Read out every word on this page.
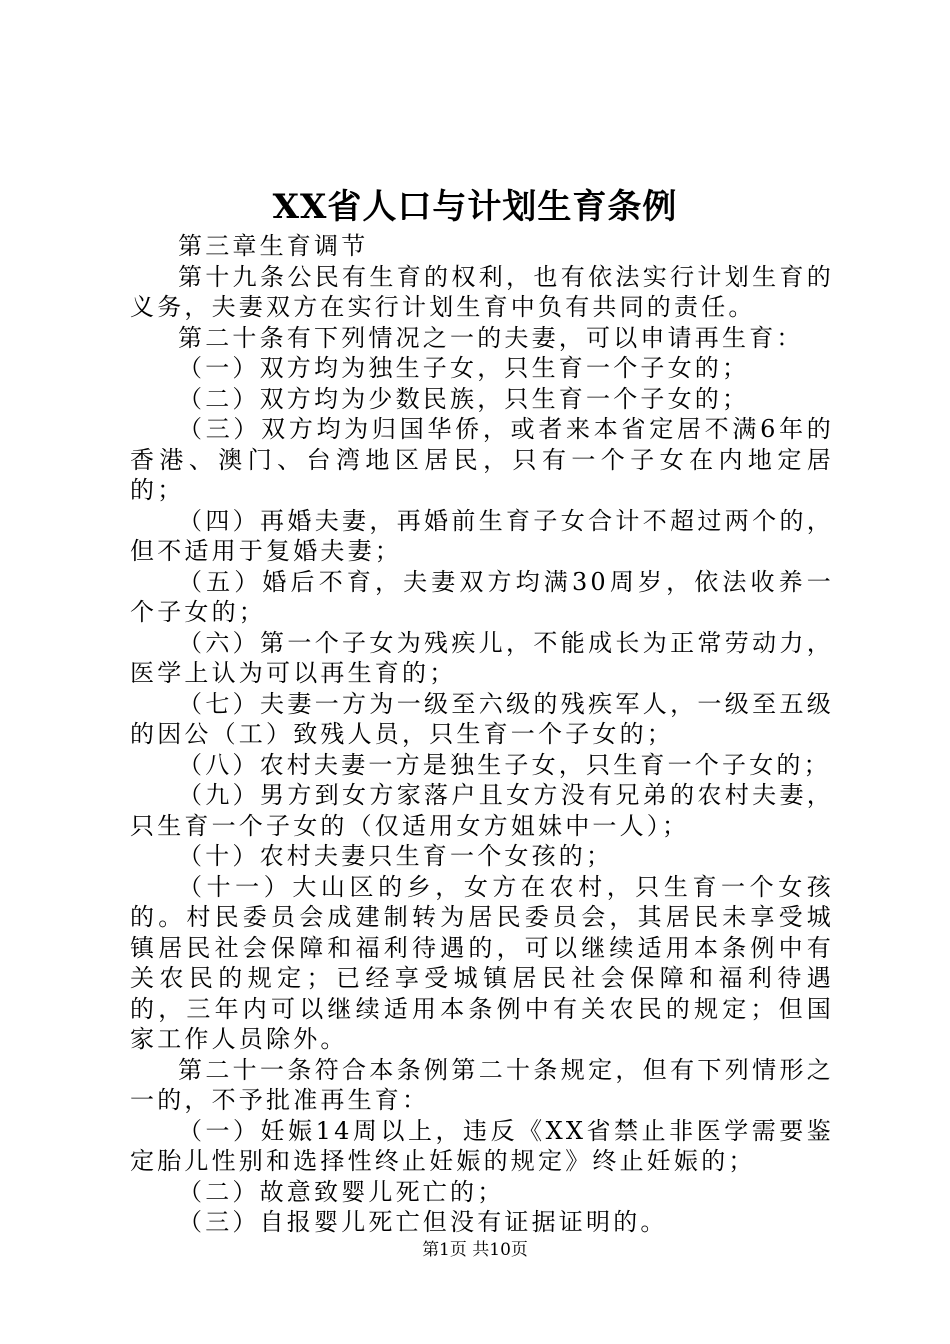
XX省人口与计划生育条例

第三章生育调节

第十九条公民有生育的权利，也有依法实行计划生育的义务，夫妻双方在实行计划生育中负有共同的责任。

第二十条有下列情况之一的夫妻，可以申请再生育：

（一）双方均为独生子女，只生育一个子女的；

（二）双方均为少数民族，只生育一个子女的；

（三）双方均为归国华侨，或者来本省定居不满6年的香港、澳门、台湾地区居民，只有一个子女在内地定居的；

（四）再婚夫妻，再婚前生育子女合计不超过两个的，但不适用于复婚夫妻；

（五）婚后不育，夫妻双方均满30周岁，依法收养一个子女的；

（六）第一个子女为残疾儿，不能成长为正常劳动力，医学上认为可以再生育的；

（七）夫妻一方为一级至六级的残疾军人，一级至五级的因公（工）致残人员，只生育一个子女的；

（八）农村夫妻一方是独生子女，只生育一个子女的；

（九）男方到女方家落户且女方没有兄弟的农村夫妻，只生育一个子女的（仅适用女方姐妹中一人）；

（十）农村夫妻只生育一个女孩的；

（十一）大山区的乡，女方在农村，只生育一个女孩的。村民委员会成建制转为居民委员会，其居民未享受城镇居民社会保障和福利待遇的，可以继续适用本条例中有关农民的规定；已经享受城镇居民社会保障和福利待遇的，三年内可以继续适用本条例中有关农民的规定；但国家工作人员除外。

第二十一条符合本条例第二十条规定，但有下列情形之一的，不予批准再生育：

（一）妊娠14周以上，违反《XX省禁止非医学需要鉴定胎儿性别和选择性终止妊娠的规定》终止妊娠的；

（二）故意致婴儿死亡的；

（三）自报婴儿死亡但没有证据证明的。

第1页 共10页
